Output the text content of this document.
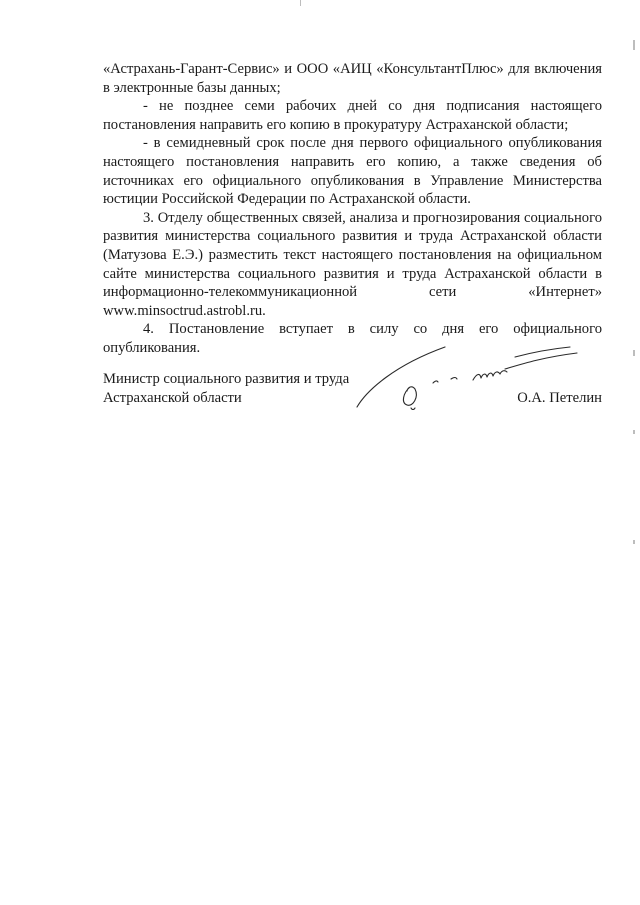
«Астрахань-Гарант-Сервис» и ООО «АИЦ «КонсультантПлюс» для включения в электронные базы данных;

- не позднее семи рабочих дней со дня подписания настоящего постановления направить его копию в прокуратуру Астраханской области;

- в семидневный срок после дня первого официального опубликования настоящего постановления направить его копию, а также сведения об источниках его официального опубликования в Управление Министерства юстиции Российской Федерации по Астраханской области.

3. Отделу общественных связей, анализа и прогнозирования социального развития министерства социального развития и труда Астраханской области (Матузова Е.Э.) разместить текст настоящего постановления на официальном сайте министерства социального развития и труда Астраханской области в информационно-телекоммуникационной сети «Интернет» www.minsoctrud.astrobl.ru.

4. Постановление вступает в силу со дня его официального опубликования.

Министр социального развития и труда
Астраханской области	О.А. Петелин
